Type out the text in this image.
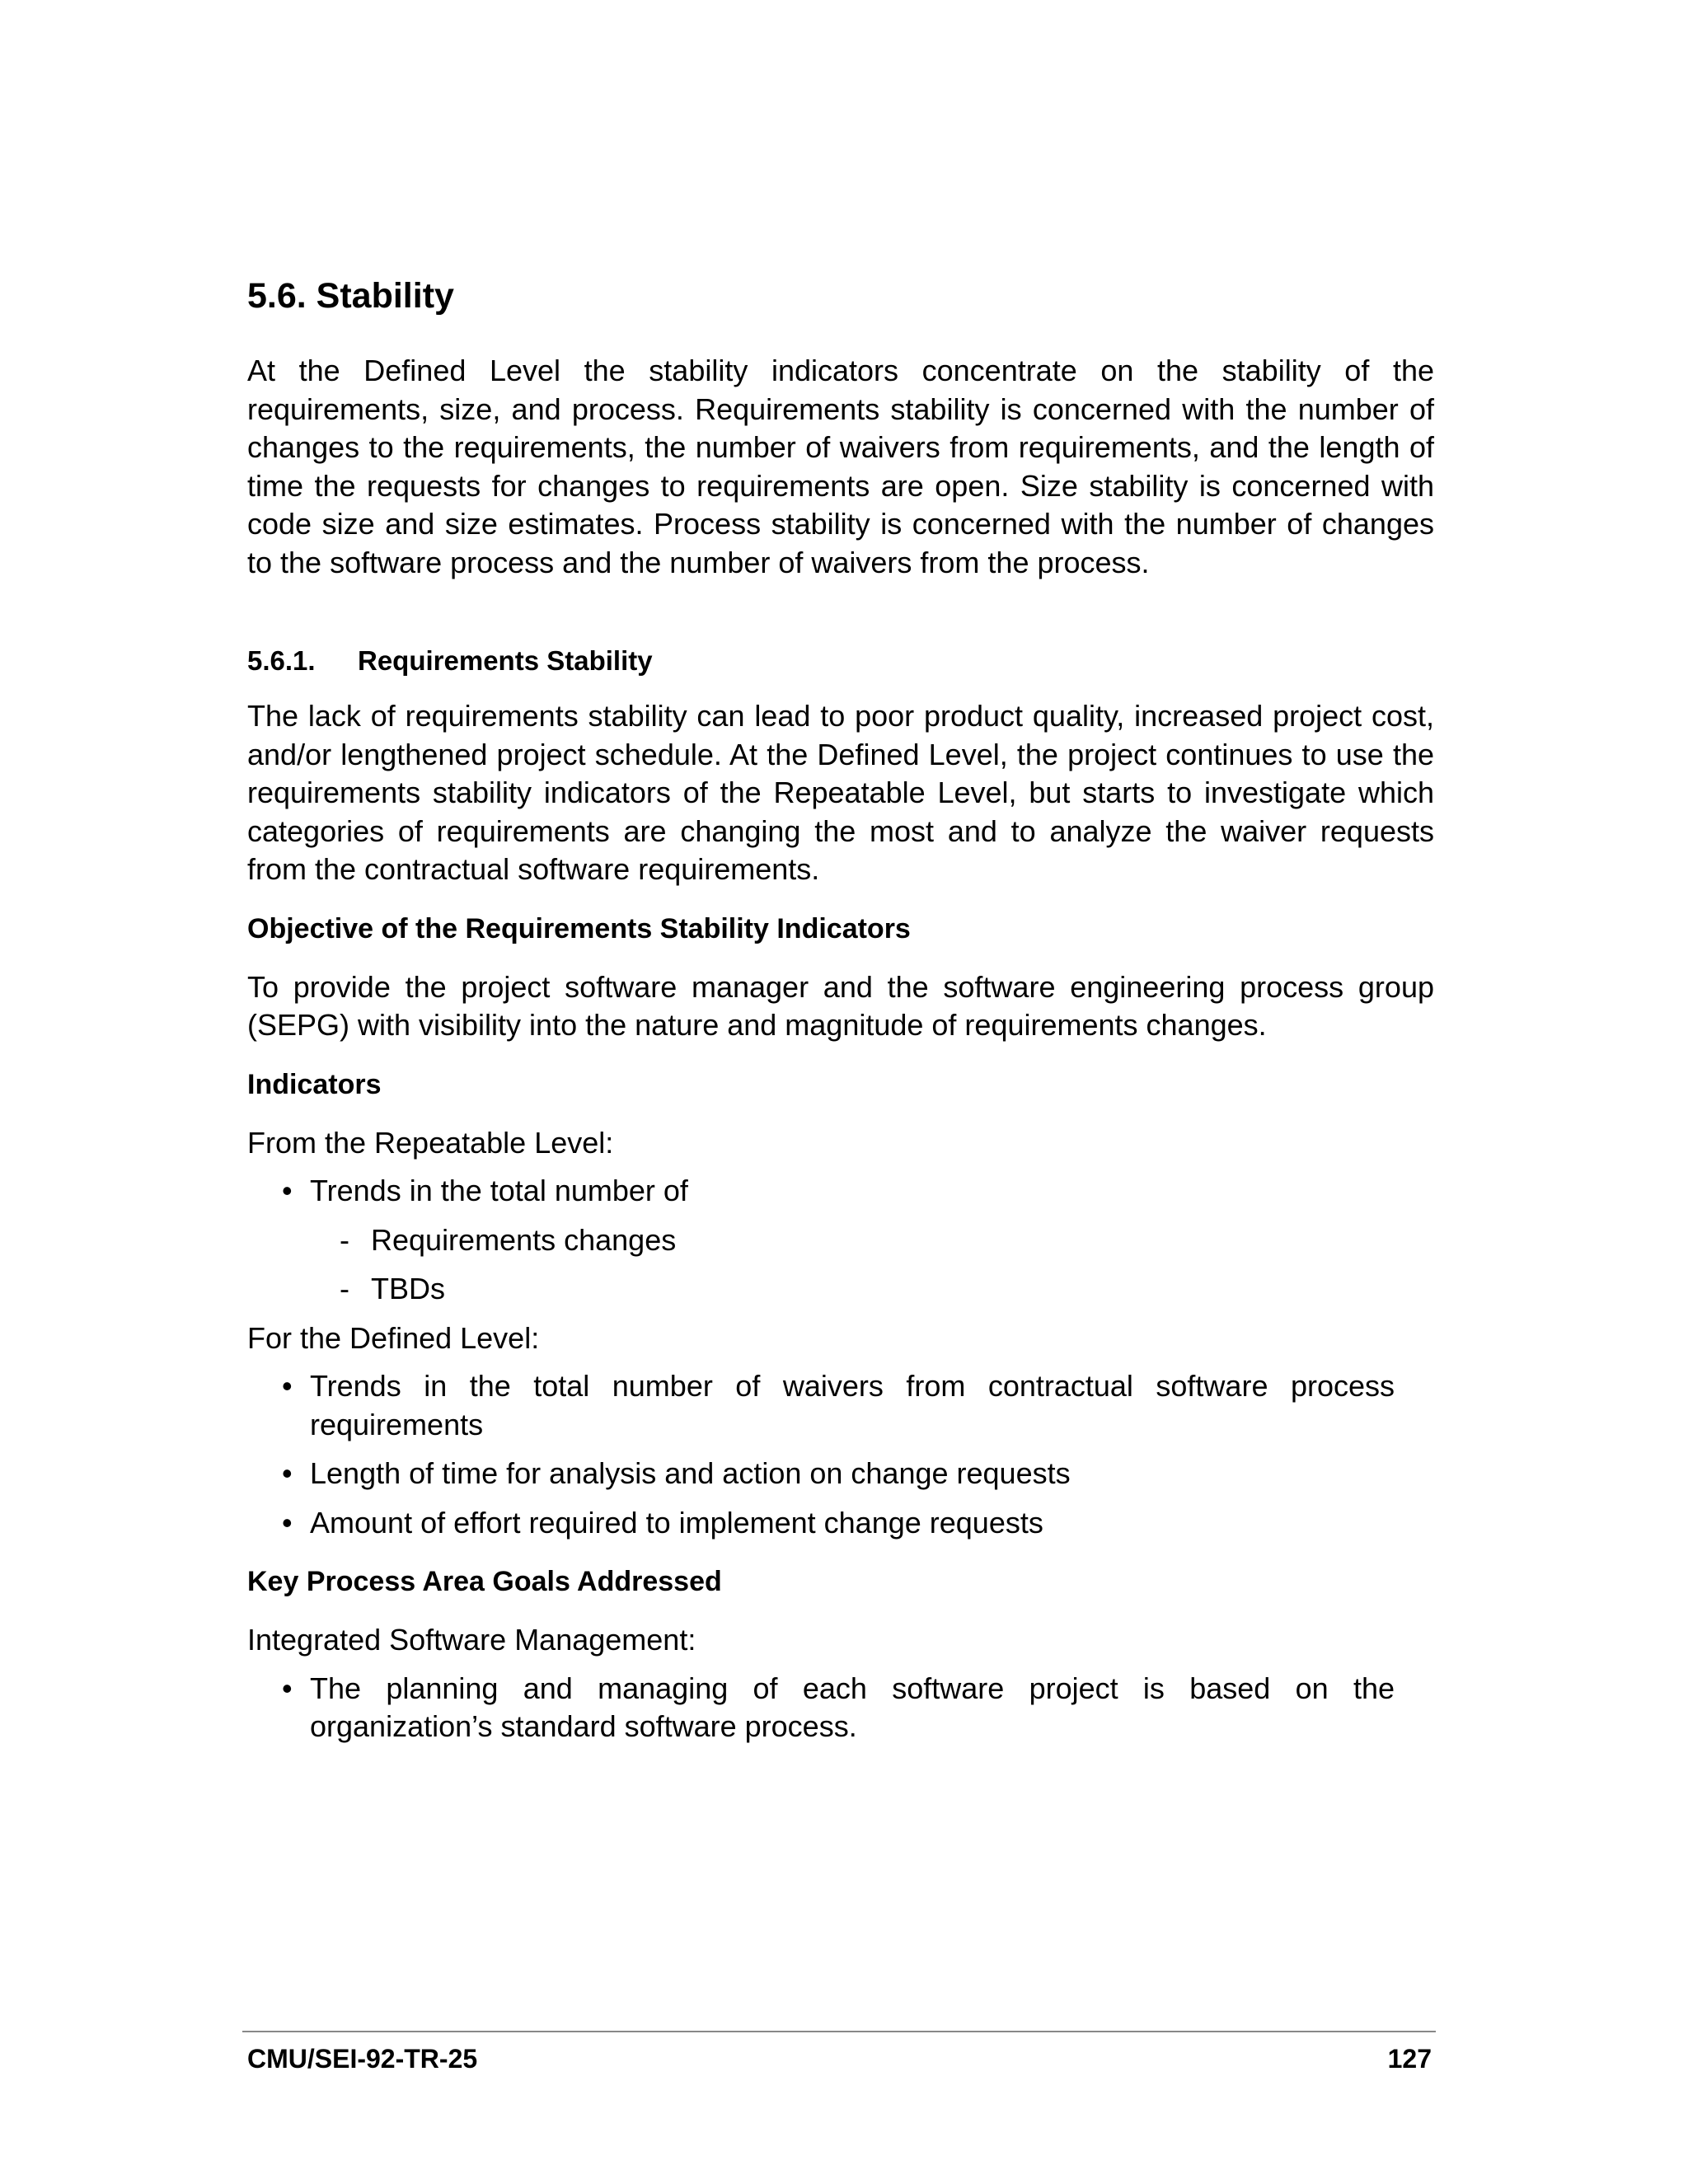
5.6. Stability

At the Defined Level the stability indicators concentrate on the stability of the requirements, size, and process. Requirements stability is concerned with the number of changes to the requirements, the number of waivers from requirements, and the length of time the requests for changes to requirements are open. Size stability is concerned with code size and size estimates. Process stability is concerned with the number of changes to the software process and the number of waivers from the process.

5.6.1. Requirements Stability

The lack of requirements stability can lead to poor product quality, increased project cost, and/or lengthened project schedule. At the Defined Level, the project continues to use the requirements stability indicators of the Repeatable Level, but starts to investigate which categories of requirements are changing the most and to analyze the waiver requests from the contractual software requirements.

Objective of the Requirements Stability Indicators

To provide the project software manager and the software engineering process group (SEPG) with visibility into the nature and magnitude of requirements changes.

Indicators

From the Repeatable Level:

• Trends in the total number of
- Requirements changes
- TBDs

For the Defined Level:

• Trends in the total number of waivers from contractual software process requirements
• Length of time for analysis and action on change requests
• Amount of effort required to implement change requests
Key Process Area Goals Addressed

Integrated Software Management:

• The planning and managing of each software project is based on the organization’s standard software process.
CMU/SEI-92-TR-25	127
